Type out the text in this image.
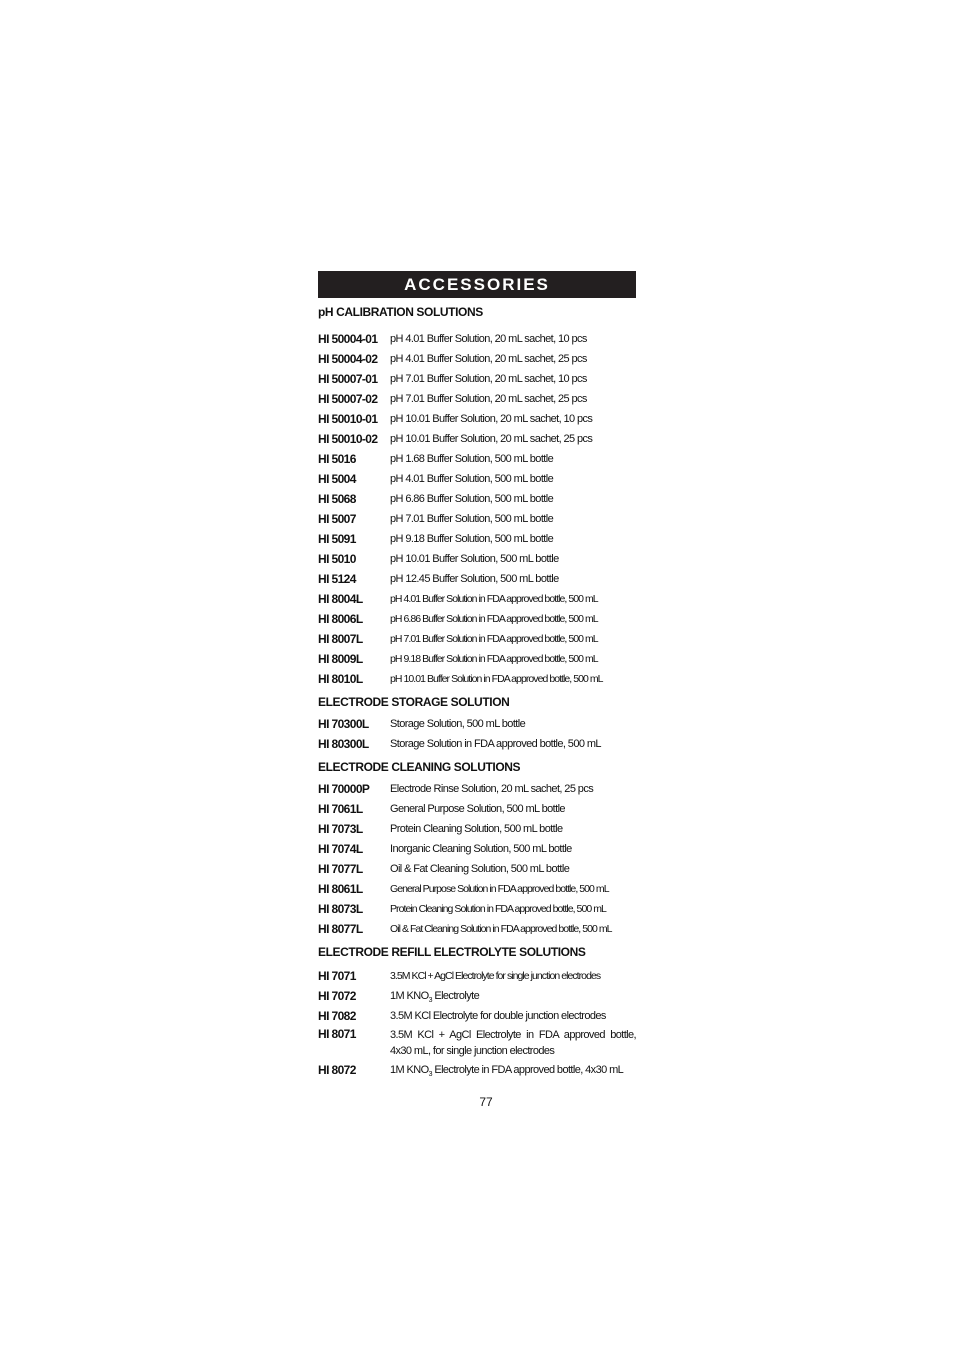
ACCESSORIES
pH CALIBRATION SOLUTIONS
HI 50004-01	pH 4.01 Buffer Solution, 20 mL sachet, 10 pcs
HI 50004-02	pH 4.01 Buffer Solution, 20 mL sachet, 25 pcs
HI 50007-01	pH 7.01 Buffer Solution, 20 mL sachet, 10 pcs
HI 50007-02	pH 7.01 Buffer Solution, 20 mL sachet, 25 pcs
HI 50010-01	pH 10.01 Buffer Solution, 20 mL sachet, 10 pcs
HI 50010-02	pH 10.01 Buffer Solution, 20 mL sachet, 25 pcs
HI 5016	pH 1.68 Buffer Solution, 500 mL bottle
HI 5004	pH 4.01 Buffer Solution, 500 mL bottle
HI 5068	pH 6.86 Buffer Solution, 500 mL bottle
HI 5007	pH 7.01 Buffer Solution, 500 mL bottle
HI 5091	pH 9.18 Buffer Solution, 500 mL bottle
HI 5010	pH 10.01 Buffer Solution, 500 mL bottle
HI 5124	pH 12.45 Buffer Solution, 500 mL bottle
HI 8004L	pH 4.01 Buffer Solution in FDA approved bottle, 500 mL
HI 8006L	pH 6.86 Buffer Solution in FDA approved bottle, 500 mL
HI 8007L	pH 7.01 Buffer Solution in FDA approved bottle, 500 mL
HI 8009L	pH 9.18 Buffer Solution in FDA approved bottle, 500 mL
HI 8010L	pH 10.01 Buffer Solution in FDA approved bottle, 500 mL
ELECTRODE STORAGE SOLUTION
HI 70300L	Storage Solution, 500 mL bottle
HI 80300L	Storage Solution in FDA approved bottle, 500 mL
ELECTRODE CLEANING SOLUTIONS
HI 70000P	Electrode Rinse Solution, 20 mL sachet, 25 pcs
HI 7061L	General Purpose Solution, 500 mL bottle
HI 7073L	Protein Cleaning Solution, 500 mL bottle
HI 7074L	Inorganic Cleaning Solution, 500 mL bottle
HI 7077L	Oil & Fat Cleaning Solution, 500 mL bottle
HI 8061L	General Purpose Solution in FDA approved bottle, 500 mL
HI 8073L	Protein Cleaning Solution in FDA approved bottle, 500 mL
HI 8077L	Oil & Fat Cleaning Solution in FDA approved bottle, 500 mL
ELECTRODE REFILL ELECTROLYTE SOLUTIONS
HI 7071	3.5M KCl + AgCl Electrolyte for single junction electrodes
HI 7072	1M $KNO_3$ Electrolyte
HI 7082	3.5M KCl Electrolyte for double junction electrodes
HI 8071	3.5M KCl + AgCl Electrolyte in FDA approved bottle, 4x30 mL, for single junction electrodes
HI 8072	1M $KNO_3$ Electrolyte in FDA approved bottle, 4x30 mL
77
